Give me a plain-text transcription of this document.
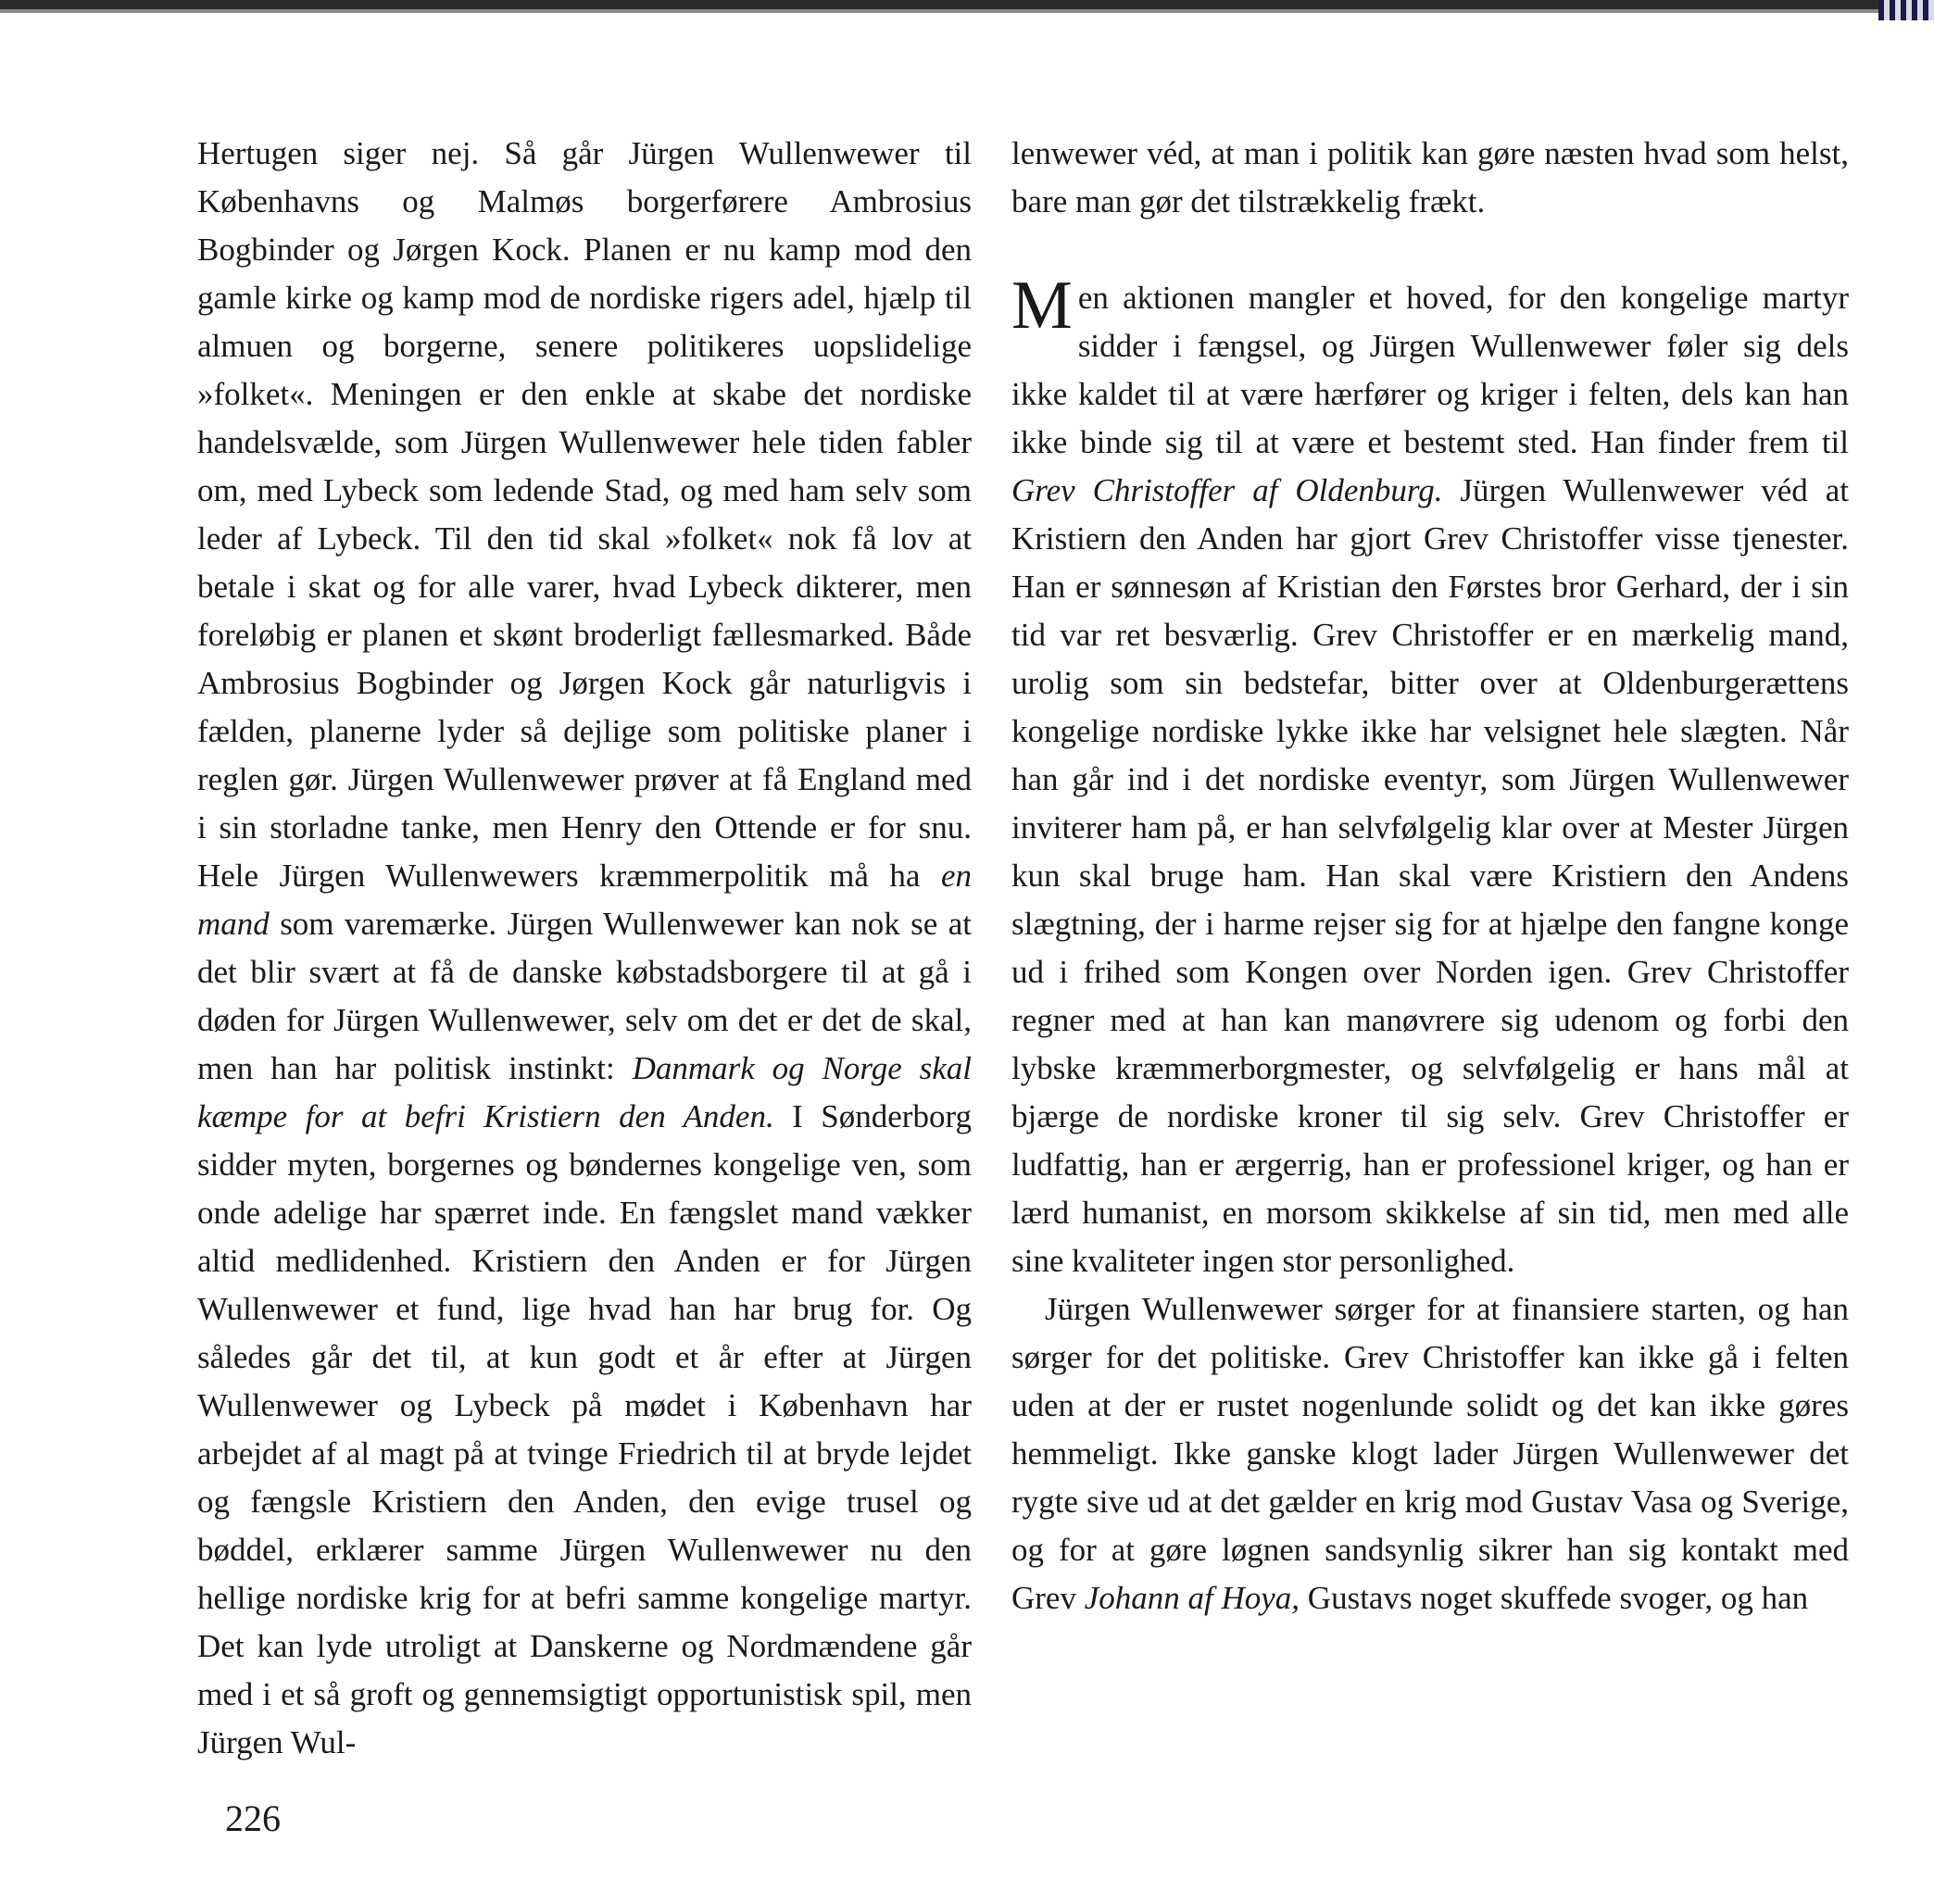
Hertugen siger nej. Så går Jürgen Wullenwewer til Københavns og Malmøs borgerførere Ambrosius Bogbinder og Jørgen Kock. Planen er nu kamp mod den gamle kirke og kamp mod de nordiske rigers adel, hjælp til almuen og borgerne, senere politikeres uopslidelige »folket«. Meningen er den enkle at skabe det nordiske handelsvælde, som Jürgen Wullenwewer hele tiden fabler om, med Lybeck som ledende Stad, og med ham selv som leder af Lybeck. Til den tid skal »folket« nok få lov at betale i skat og for alle varer, hvad Lybeck dikterer, men foreløbig er planen et skønt broderligt fællesmarked. Både Ambrosius Bogbinder og Jørgen Kock går naturligvis i fælden, planerne lyder så dejlige som politiske planer i reglen gør. Jürgen Wullenwewer prøver at få England med i sin storladne tanke, men Henry den Ottende er for snu. Hele Jürgen Wullenwewers kræmmerpolitik må ha en mand som varemærke. Jürgen Wullenwewer kan nok se at det blir svært at få de danske købstadsborgere til at gå i døden for Jürgen Wullenwewer, selv om det er det de skal, men han har politisk instinkt: Danmark og Norge skal kæmpe for at befri Kristiern den Anden. I Sønderborg sidder myten, borgernes og bøndernes kongelige ven, som onde adelige har spærret inde. En fængslet mand vækker altid medlidenhed. Kristiern den Anden er for Jürgen Wullenwewer et fund, lige hvad han har brug for. Og således går det til, at kun godt et år efter at Jürgen Wullenwewer og Lybeck på mødet i København har arbejdet af al magt på at tvinge Friedrich til at bryde lejdet og fængsle Kristiern den Anden, den evige trusel og bøddel, erklærer samme Jürgen Wullenwewer nu den hellige nordiske krig for at befri samme kongelige martyr. Det kan lyde utroligt at Danskerne og Nordmændene går med i et så groft og gennemsigtigt opportunistisk spil, men Jürgen Wul-

lenwewer véd, at man i politik kan gøre næsten hvad som helst, bare man gør det tilstrækkelig frækt.

Men aktionen mangler et hoved, for den kongelige martyr sidder i fængsel, og Jürgen Wullenwewer føler sig dels ikke kaldet til at være hærfører og kriger i felten, dels kan han ikke binde sig til at være et bestemt sted. Han finder frem til Grev Christoffer af Oldenburg. Jürgen Wullenwewer véd at Kristiern den Anden har gjort Grev Christoffer visse tjenester. Han er sønnesøn af Kristian den Førstes bror Gerhard, der i sin tid var ret besværlig. Grev Christoffer er en mærkelig mand, urolig som sin bedstefar, bitter over at Oldenburgerættens kongelige nordiske lykke ikke har velsignet hele slægten. Når han går ind i det nordiske eventyr, som Jürgen Wullenwewer inviterer ham på, er han selvfølgelig klar over at Mester Jürgen kun skal bruge ham. Han skal være Kristiern den Andens slægtning, der i harme rejser sig for at hjælpe den fangne konge ud i frihed som Kongen over Norden igen. Grev Christoffer regner med at han kan manøvrere sig udenom og forbi den lybske kræmmerborgmester, og selvfølgelig er hans mål at bjærge de nordiske kroner til sig selv. Grev Christoffer er ludfattig, han er ærgerrig, han er professionel kriger, og han er lærd humanist, en morsom skikkelse af sin tid, men med alle sine kvaliteter ingen stor personlighed.

Jürgen Wullenwewer sørger for at finansiere starten, og han sørger for det politiske. Grev Christoffer kan ikke gå i felten uden at der er rustet nogenlunde solidt og det kan ikke gøres hemmeligt. Ikke ganske klogt lader Jürgen Wullenwewer det rygte sive ud at det gælder en krig mod Gustav Vasa og Sverige, og for at gøre løgnen sandsynlig sikrer han sig kontakt med Grev Johann af Hoya, Gustavs noget skuffede svoger, og han

226
